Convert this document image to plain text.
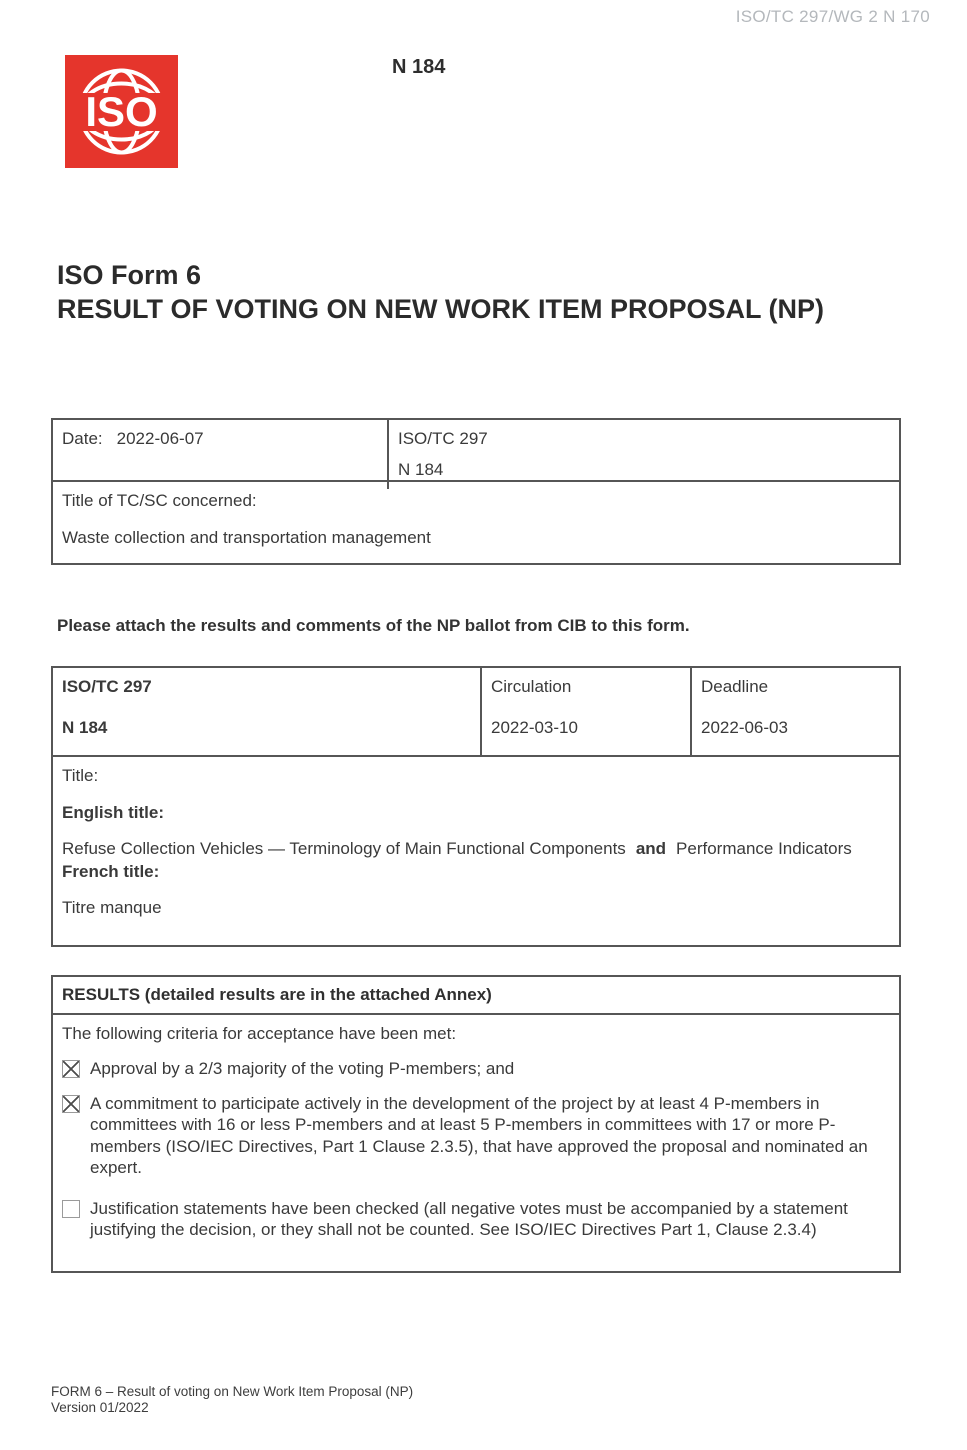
ISO/TC 297/WG 2 N 170
ISO
N 184
ISO Form 6
RESULT OF VOTING ON NEW WORK ITEM PROPOSAL (NP)
Date: 2022-06-07	ISO/TC 297

N 184

Title of TC/SC concerned:

Waste collection and transportation management

Please attach the results and comments of the NP ballot from CIB to this form.

ISO/TC 297

N 184

Circulation

2022-03-10

Deadline

2022-06-03

Title:

English title:

Refuse Collection Vehicles — Terminology of Main Functional Components and Performance Indicators

French title:

Titre manque

RESULTS (detailed results are in the attached Annex)

The following criteria for acceptance have been met:

Approval by a 2/3 majority of the voting P-members; and
A commitment to participate actively in the development of the project by at least 4 P-members in committees with 16 or less P-members and at least 5 P-members in committees with 17 or more P-members (ISO/IEC Directives, Part 1 Clause 2.3.5), that have approved the proposal and nominated an expert.
Justification statements have been checked (all negative votes must be accompanied by a statement justifying the decision, or they shall not be counted. See ISO/IEC Directives Part 1, Clause 2.3.4)
FORM 6 – Result of voting on New Work Item Proposal (NP)
Version 01/2022
